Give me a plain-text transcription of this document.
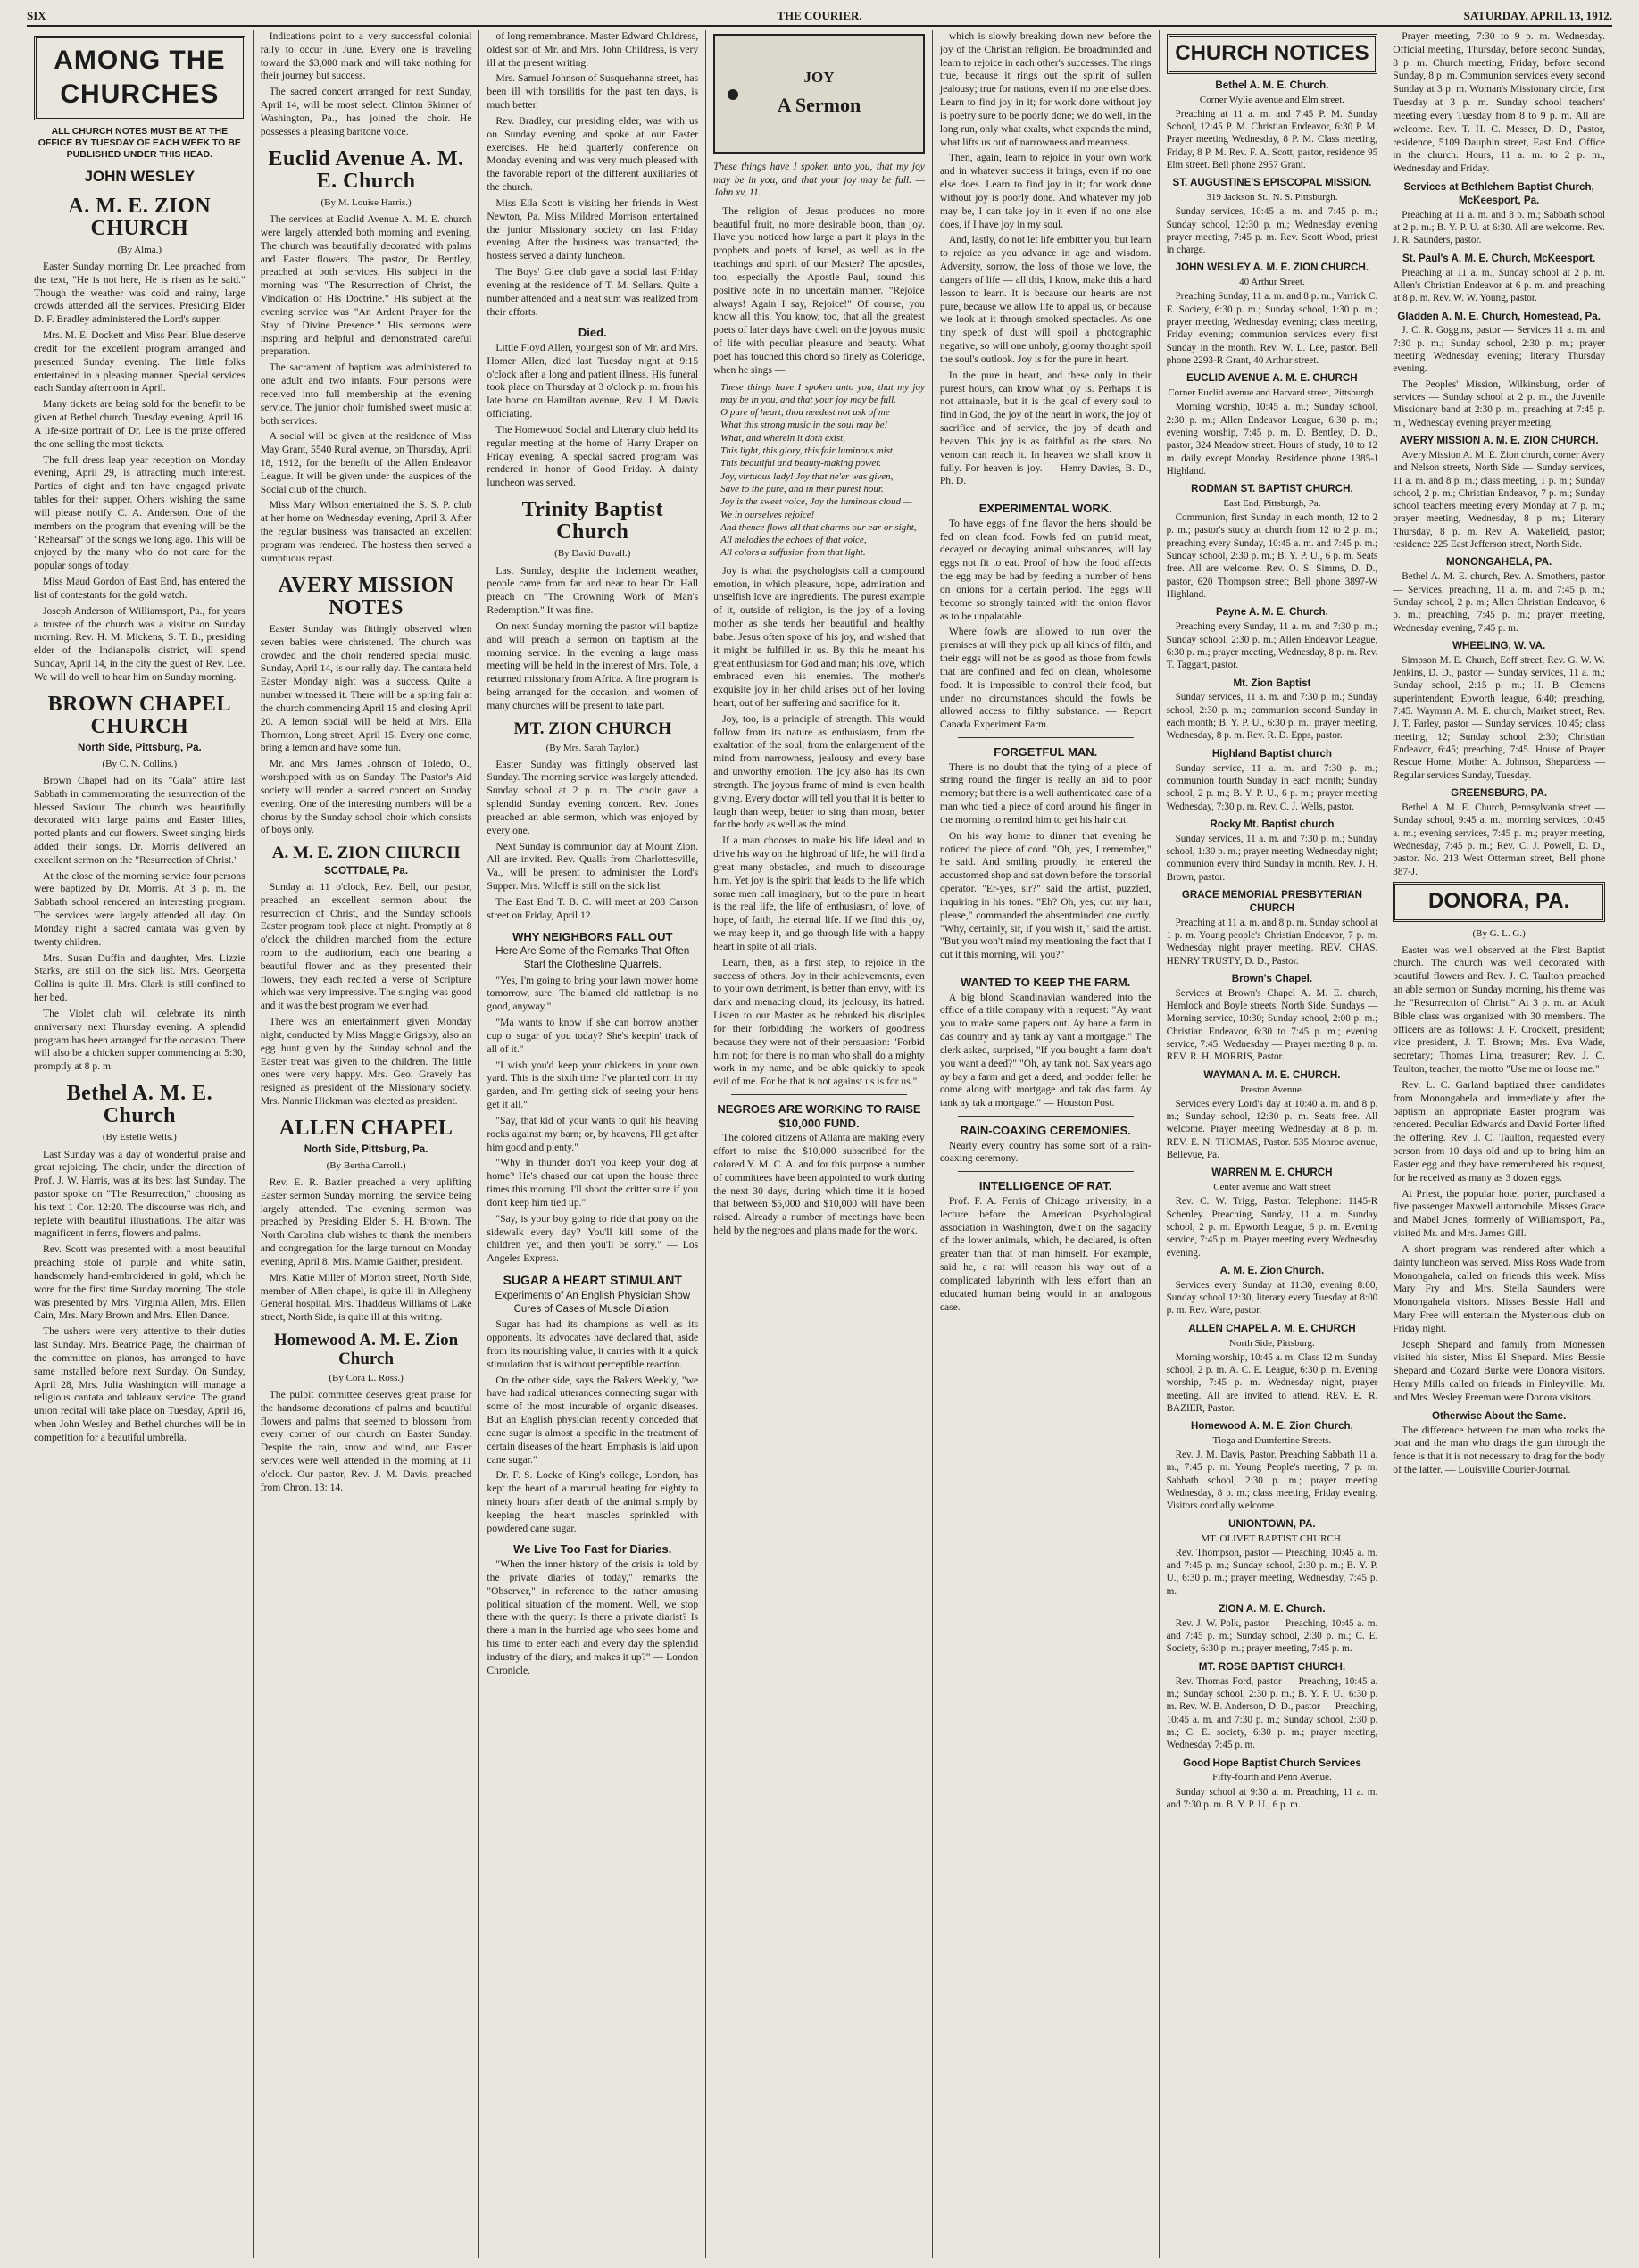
SIX	THE COURIER.	SATURDAY, APRIL 13, 1912.
AMONG THE CHURCHES
ALL CHURCH NOTES MUST BE AT THE OFFICE BY TUESDAY OF EACH WEEK TO BE PUBLISHED UNDER THIS HEAD.
JOHN WESLEY
A. M. E. ZION CHURCH
(By Alma.)

Easter Sunday morning Dr. Lee preached from the text, "He is not here, He is risen as he said." Though the weather was cold and rainy, large crowds attended all the services. Presiding Elder D. F. Bradley administered the Lord's supper.

Mrs. M. E. Dockett and Miss Pearl Blue deserve credit for the excellent program arranged and presented Sunday evening. The little folks entertained in a pleasing manner. Special services each Sunday afternoon in April.

Many tickets are being sold for the benefit to be given at Bethel church, Tuesday evening, April 16. A life-size portrait of Dr. Lee is the prize offered the one selling the most tickets.

The full dress leap year reception on Monday evening, April 29, is attracting much interest. Parties of eight and ten have engaged private tables for their supper. Others wishing the same will please notify C. A. Anderson. One of the members on the program that evening will be the "Rehearsal" of the songs we long ago. This will be enjoyed by the many who do not care for the popular songs of today.

Miss Maud Gordon of East End, has entered the list of contestants for the gold watch.

Joseph Anderson of Williamsport, Pa., for years a trustee of the church was a visitor on Sunday morning. Rev. H. M. Mickens, S. T. B., presiding elder of the Indianapolis district, will spend Sunday, April 14, in the city the guest of Rev. Lee. We will do well to hear him on Sunday morning.

BROWN CHAPEL CHURCH
North Side, Pittsburg, Pa.
(By C. N. Collins.)

Brown Chapel had on its "Gala" attire last Sabbath in commemorating the resurrection of the blessed Saviour. The church was beautifully decorated with large palms and Easter lilies, potted plants and cut flowers. Sweet singing birds added their songs. Dr. Morris delivered an excellent sermon on the "Resurrection of Christ."

At the close of the morning service four persons were baptized by Dr. Morris. At 3 p. m. the Sabbath school rendered an interesting program. The services were largely attended all day. On Monday night a sacred cantata was given by twenty children.

Mrs. Susan Duffin and daughter, Mrs. Lizzie Starks, are still on the sick list. Mrs. Georgetta Collins is quite ill. Mrs. Clark is still confined to her bed.

The Violet club will celebrate its ninth anniversary next Thursday evening. A splendid program has been arranged for the occasion. There will also be a chicken supper commencing at 5:30, promptly at 8 p. m.

Bethel A. M. E. Church
(By Estelle Wells.)

Last Sunday was a day of wonderful praise and great rejoicing. The choir, under the direction of Prof. J. W. Harris, was at its best last Sunday. The pastor spoke on "The Resurrection," choosing as his text 1 Cor. 12:20. The discourse was rich, and replete with beautiful illustrations. The altar was magnificent in ferns, flowers and palms.

Rev. Scott was presented with a most beautiful preaching stole of purple and white satin, handsomely hand-embroidered in gold, which he wore for the first time Sunday morning. The stole was presented by Mrs. Virginia Allen, Mrs. Ellen Cain, Mrs. Mary Brown and Mrs. Ellen Dance.

The ushers were very attentive to their duties last Sunday. Mrs. Beatrice Page, the chairman of the committee on pianos, has arranged to have same installed before next Sunday. On Sunday, April 28, Mrs. Julia Washington will manage a religious cantata and tableaux service. The grand union recital will take place on Tuesday, April 16, when John Wesley and Bethel churches will be in competition for a beautiful umbrella.

Indications point to a very successful colonial rally to occur in June. Every one is traveling toward the $3,000 mark and will take nothing for their journey but success.

The sacred concert arranged for next Sunday, April 14, will be most select. Clinton Skinner of Washington, Pa., has joined the choir. He possesses a pleasing baritone voice.

Euclid Avenue A. M. E. Church
(By M. Louise Harris.)

The services at Euclid Avenue A. M. E. church were largely attended both morning and evening. The church was beautifully decorated with palms and Easter flowers. The pastor, Dr. Bentley, preached at both services. His subject in the morning was "The Resurrection of Christ, the Vindication of His Doctrine." His subject at the evening service was "An Ardent Prayer for the Stay of Divine Presence." His sermons were inspiring and helpful and demonstrated careful preparation.

The sacrament of baptism was administered to one adult and two infants. Four persons were received into full membership at the evening service. The junior choir furnished sweet music at both services.

A social will be given at the residence of Miss May Grant, 5540 Rural avenue, on Thursday, April 18, 1912, for the benefit of the Allen Endeavor League. It will be given under the auspices of the Social club of the church.

Miss Mary Wilson entertained the S. S. P. club at her home on Wednesday evening, April 3. After the regular business was transacted an excellent program was rendered. The hostess then served a sumptuous repast.

AVERY MISSION NOTES

Easter Sunday was fittingly observed when seven babies were christened. The church was crowded and the choir rendered special music. Sunday, April 14, is our rally day. The cantata held Easter Monday night was a success. Quite a number witnessed it. There will be a spring fair at the church commencing April 15 and closing April 20. A lemon social will be held at Mrs. Ella Thornton, Long street, April 15. Every one come, bring a lemon and have some fun.

Mr. and Mrs. James Johnson of Toledo, O., worshipped with us on Sunday. The Pastor's Aid society will render a sacred concert on Sunday evening. One of the interesting numbers will be a chorus by the Sunday school choir which consists of boys only.

A. M. E. ZION CHURCH
SCOTTDALE, Pa.

Sunday at 11 o'clock, Rev. Bell, our pastor, preached an excellent sermon about the resurrection of Christ, and the Sunday schools Easter program took place at night. Promptly at 8 o'clock the children marched from the lecture room to the auditorium, each one bearing a beautiful flower and as they presented their flowers, they each recited a verse of Scripture which was very impressive. The singing was good and it was the best program we ever had.

There was an entertainment given Monday night, conducted by Miss Maggie Grigsby, also an egg hunt given by the Sunday school and the Easter treat was given to the children. The little ones were very happy. Mrs. Geo. Gravely has resigned as president of the Missionary society. Mrs. Nannie Hickman was elected as president.

ALLEN CHAPEL
North Side, Pittsburg, Pa.
(By Bertha Carroll.)

Rev. E. R. Bazier preached a very uplifting Easter sermon Sunday morning, the service being largely attended. The evening sermon was preached by Presiding Elder S. H. Brown. The North Carolina club wishes to thank the members and congregation for the large turnout on Monday evening, April 8. Mrs. Mamie Gaither, president.

Mrs. Katie Miller of Morton street, North Side, member of Allen chapel, is quite ill in Allegheny General hospital. Mrs. Thaddeus Williams of Lake street, North Side, is quite ill at this writing.

Homewood A. M. E. Zion Church
(By Cora L. Ross.)

The pulpit committee deserves great praise for the handsome decorations of palms and beautiful flowers and palms that seemed to blossom from every corner of our church on Easter Sunday. Despite the rain, snow and wind, our Easter services were well attended in the morning at 11 o'clock. Our pastor, Rev. J. M. Davis, preached from Chron. 13: 14.

of long remembrance. Master Edward Childress, oldest son of Mr. and Mrs. John Childress, is very ill at the present writing.

Mrs. Samuel Johnson of Susquehanna street, has been ill with tonsilitis for the past ten days, is much better.

Rev. Bradley, our presiding elder, was with us on Sunday evening and spoke at our Easter exercises. He held quarterly conference on Monday evening and was very much pleased with the favorable report of the different auxiliaries of the church.

Miss Ella Scott is visiting her friends in West Newton, Pa. Miss Mildred Morrison entertained the junior Missionary society on last Friday evening. After the business was transacted, the hostess served a dainty luncheon.

The Boys' Glee club gave a social last Friday evening at the residence of T. M. Sellars. Quite a number attended and a neat sum was realized from their efforts.

Died.

Little Floyd Allen, youngest son of Mr. and Mrs. Homer Allen, died last Tuesday night at 9:15 o'clock after a long and patient illness. His funeral took place on Thursday at 3 o'clock p. m. from his late home on Hamilton avenue, Rev. J. M. Davis officiating.

The Homewood Social and Literary club held its regular meeting at the home of Harry Draper on Friday evening. A special sacred program was rendered in honor of Good Friday. A dainty luncheon was served.

Trinity Baptist Church
(By David Duvall.)

Last Sunday, despite the inclement weather, people came from far and near to hear Dr. Hall preach on "The Crowning Work of Man's Redemption." It was fine.

On next Sunday morning the pastor will baptize and will preach a sermon on baptism at the morning service. In the evening a large mass meeting will be held in the interest of Mrs. Tole, a returned missionary from Africa. A fine program is being arranged for the occasion, and women of many churches will be present to take part.

MT. ZION CHURCH
(By Mrs. Sarah Taylor.)

Easter Sunday was fittingly observed last Sunday. The morning service was largely attended. Sunday school at 2 p. m. The choir gave a splendid Sunday evening concert. Rev. Jones preached an able sermon, which was enjoyed by every one.

Next Sunday is communion day at Mount Zion. All are invited. Rev. Qualls from Charlottesville, Va., will be present to administer the Lord's Supper. Mrs. Wiloff is still on the sick list.

The East End T. B. C. will meet at 208 Carson street on Friday, April 12.

WHY NEIGHBORS FALL OUT
Here Are Some of the Remarks That Often Start the Clothesline Quarrels.

"Yes, I'm going to bring your lawn mower home tomorrow, sure. The blamed old rattletrap is no good, anyway."

"Ma wants to know if she can borrow another cup o' sugar of you today? She's keepin' track of all of it."

"I wish you'd keep your chickens in your own yard. This is the sixth time I've planted corn in my garden, and I'm getting sick of seeing your hens get it all."

"Say, that kid of your wants to quit his heaving rocks against my barn; or, by heavens, I'll get after him good and plenty."

"Why in thunder don't you keep your dog at home? He's chased our cat upon the house three times this morning. I'll shoot the critter sure if you don't keep him tied up."

"Say, is your boy going to ride that pony on the sidewalk every day? You'll kill some of the children yet, and then you'll be sorry." — Los Angeles Express.

SUGAR A HEART STIMULANT
Experiments of An English Physician Show Cures of Cases of Muscle Dilation.

Sugar has had its champions as well as its opponents. Its advocates have declared that, aside from its nourishing value, it carries with it a quick stimulation that is without perceptible reaction.

On the other side, says the Bakers Weekly, "we have had radical utterances connecting sugar with some of the most incurable of organic diseases. But an English physician recently conceded that cane sugar is almost a specific in the treatment of certain diseases of the heart. Emphasis is laid upon cane sugar."

Dr. F. S. Locke of King's college, London, has kept the heart of a mammal beating for eighty to ninety hours after death of the animal simply by keeping the heart muscles sprinkled with powdered cane sugar.

We Live Too Fast for Diaries.

"When the inner history of the crisis is told by the private diaries of today," remarks the "Observer," in reference to the rather amusing political situation of the moment. Well, we stop there with the query: Is there a private diarist? Is there a man in the hurried age who sees home and his time to enter each and every day the splendid industry of the diary, and makes it up?" — London Chronicle.

JOY
A Sermon
These things have I spoken unto you, that my joy may be in you, and that your joy may be full. — John xv, 11.

The religion of Jesus produces no more beautiful fruit, no more desirable boon, than joy. Have you noticed how large a part it plays in the prophets and poets of Israel, as well as in the teachings and spirit of our Master? The apostles, too, especially the Apostle Paul, sound this positive note in no uncertain manner. "Rejoice always! Again I say, Rejoice!" Of course, you know all this. You know, too, that all the greatest poets of later days have dwelt on the joyous music of life with peculiar pleasure and beauty. What poet has touched this chord so finely as Coleridge, when he sings —

These things have I spoken unto you, that my joy may be in you, and that your joy may be full.
O pure of heart, thou needest not ask of me
What this strong music in the soul may be!
What, and wherein it doth exist,
This light, this glory, this fair luminous mist,
This beautiful and beauty-making power.
Joy, virtuous lady! Joy that ne'er was given,
Save to the pure, and in their purest hour.
Joy is the sweet voice, Joy the luminous cloud —
We in ourselves rejoice!
And thence flows all that charms our ear or sight,
All melodies the echoes of that voice,
All colors a suffusion from that light.

Joy is what the psychologists call a compound emotion, in which pleasure, hope, admiration and unselfish love are ingredients. The purest example of it, outside of religion, is the joy of a loving mother as she tends her beautiful and healthy babe. Jesus often spoke of his joy, and wished that it might be fulfilled in us. By this he meant his great enthusiasm for God and man; his love, which embraced even his enemies. The mother's exquisite joy in her child arises out of her loving heart, out of her suffering and sacrifice for it.

Joy, too, is a principle of strength. This would follow from its nature as enthusiasm, from the exaltation of the soul, from the enlargement of the mind from narrowness, jealousy and every base and unworthy emotion. The joy also has its own strength. The joyous frame of mind is even health giving. Every doctor will tell you that it is better to laugh than weep, better to sing than moan, better for the body as well as the mind.

If a man chooses to make his life ideal and to drive his way on the highroad of life, he will find a great many obstacles, and much to discourage him. Yet joy is the spirit that leads to the life which some men call imaginary, but to the pure in heart is the real life, the life of enthusiasm, of love, of hope, of faith, the eternal life. If we find this joy, we may keep it, and go through life with a happy heart in spite of all trials.

Learn, then, as a first step, to rejoice in the success of others. Joy in their achievements, even to your own detriment, is better than envy, with its dark and menacing cloud, its jealousy, its hatred. Listen to our Master as he rebuked his disciples for their forbidding the workers of goodness because they were not of their persuasion: "Forbid him not; for there is no man who shall do a mighty work in my name, and be able quickly to speak evil of me. For he that is not against us is for us."

NEGROES ARE WORKING TO RAISE $10,000 FUND.

The colored citizens of Atlanta are making every effort to raise the $10,000 subscribed for the colored Y. M. C. A. and for this purpose a number of committees have been appointed to work during the next 30 days, during which time it is hoped that between $5,000 and $10,000 will have been raised. Already a number of meetings have been held by the negroes and plans made for the work.

which is slowly breaking down new before the joy of the Christian religion. Be broadminded and learn to rejoice in each other's successes. The rings true, because it rings out the spirit of sullen jealousy; true for nations, even if no one else does. Learn to find joy in it; for work done without joy is poetry sure to be poorly done; we do well, in the long run, only what exalts, what expands the mind, what lifts us out of narrowness and meanness.

Then, again, learn to rejoice in your own work and in whatever success it brings, even if no one else does. Learn to find joy in it; for work done without joy is poorly done. And whatever my job may be, I can take joy in it even if no one else does, if I have joy in my soul.

And, lastly, do not let life embitter you, but learn to rejoice as you advance in age and wisdom. Adversity, sorrow, the loss of those we love, the dangers of life — all this, I know, make this a hard lesson to learn. It is because our hearts are not pure, because we allow life to appal us, or because we look at it through smoked spectacles. As one tiny speck of dust will spoil a photographic negative, so will one unholy, gloomy thought spoil the soul's outlook. Joy is for the pure in heart.

In the pure in heart, and these only in their purest hours, can know what joy is. Perhaps it is not attainable, but it is the goal of every soul to find in God, the joy of the heart in work, the joy of sacrifice and of service, the joy of death and heaven. This joy is as faithful as the stars. No venom can reach it. In heaven we shall know it fully. For heaven is joy. — Henry Davies, B. D., Ph. D.

EXPERIMENTAL WORK.

To have eggs of fine flavor the hens should be fed on clean food. Fowls fed on putrid meat, decayed or decaying animal substances, will lay eggs not fit to eat. Proof of how the food affects the egg may be had by feeding a number of hens on onions for a certain period. The eggs will become so strongly tainted with the onion flavor as to be unpalatable.

Where fowls are allowed to run over the premises at will they pick up all kinds of filth, and their eggs will not be as good as those from fowls that are confined and fed on clean, wholesome food. It is impossible to control their food, but under no circumstances should the fowls be allowed access to filthy substance. — Report Canada Experiment Farm.

FORGETFUL MAN.

There is no doubt that the tying of a piece of string round the finger is really an aid to poor memory; but there is a well authenticated case of a man who tied a piece of cord around his finger in the morning to remind him to get his hair cut.

On his way home to dinner that evening he noticed the piece of cord. "Oh, yes, I remember," he said. And smiling proudly, he entered the accustomed shop and sat down before the tonsorial operator. "Er-yes, sir?" said the artist, puzzled, inquiring in his tones. "Eh? Oh, yes; cut my hair, please," commanded the absentminded one curtly. "Why, certainly, sir, if you wish it," said the artist. "But you won't mind my mentioning the fact that I cut it this morning, will you?"

WANTED TO KEEP THE FARM.

A big blond Scandinavian wandered into the office of a title company with a request: "Ay want you to make some papers out. Ay bane a farm in das country and ay tank ay vant a mortgage." The clerk asked, surprised, "If you bought a farm don't you want a deed?" "Oh, ay tank not. Sax years ago ay bay a farm and get a deed, and podder feller he come along with mortgage and tak das farm. Ay tank ay tak a mortgage." — Houston Post.

RAIN-COAXING CEREMONIES.

Nearly every country has some sort of a rain-coaxing ceremony.

INTELLIGENCE OF RAT.

Prof. F. A. Ferris of Chicago university, in a lecture before the American Psychological association in Washington, dwelt on the sagacity of the lower animals, which, he declared, is often greater than that of man himself. For example, said he, a rat will reason his way out of a complicated labyrinth with less effort than an educated human being would in an analogous case.

CHURCH NOTICES
Bethel A. M. E. Church.
Corner Wylie avenue and Elm street.

Preaching at 11 a. m. and 7:45 P. M. Sunday School, 12:45 P. M. Christian Endeavor, 6:30 P. M. Prayer meeting Wednesday, 8 P. M. Class meeting, Friday, 8 P. M. Rev. F. A. Scott, pastor, residence 95 Elm street. Bell phone 2957 Grant.

ST. AUGUSTINE'S EPISCOPAL MISSION.
319 Jackson St., N. S. Pittsburgh.

Sunday services, 10:45 a. m. and 7:45 p. m.; Sunday school, 12:30 p. m.; Wednesday evening prayer meeting, 7:45 p. m. Rev. Scott Wood, priest in charge.

JOHN WESLEY A. M. E. ZION CHURCH.
40 Arthur Street.

Preaching Sunday, 11 a. m. and 8 p. m.; Varrick C. E. Society, 6:30 p. m.; Sunday school, 1:30 p. m.; prayer meeting, Wednesday evening; class meeting, Friday evening; communion services every first Sunday in the month. Rev. W. L. Lee, pastor. Bell phone 2293-R Grant, 40 Arthur street.

EUCLID AVENUE A. M. E. CHURCH
Corner Euclid avenue and Harvard street, Pittsburgh.

Morning worship, 10:45 a. m.; Sunday school, 2:30 p. m.; Allen Endeavor League, 6:30 p. m.; evening worship, 7:45 p. m. D. Bentley, D. D., pastor, 324 Meadow street. Hours of study, 10 to 12 m. daily except Monday. Residence phone 1385-J Highland.

RODMAN ST. BAPTIST CHURCH.
East End, Pittsburgh, Pa.

Communion, first Sunday in each month, 12 to 2 p. m.; pastor's study at church from 12 to 2 p. m.; preaching every Sunday, 10:45 a. m. and 7:45 p. m.; Sunday school, 2:30 p. m.; B. Y. P. U., 6 p. m. Seats free. All are welcome. Rev. O. S. Simms, D. D., pastor, 620 Thompson street; Bell phone 3897-W Highland.

Payne A. M. E. Church.

Preaching every Sunday, 11 a. m. and 7:30 p. m.; Sunday school, 2:30 p. m.; Allen Endeavor League, 6:30 p. m.; prayer meeting, Wednesday, 8 p. m. Rev. T. Taggart, pastor.

Mt. Zion Baptist

Sunday services, 11 a. m. and 7:30 p. m.; Sunday school, 2:30 p. m.; communion second Sunday in each month; B. Y. P. U., 6:30 p. m.; prayer meeting, Wednesday, 8 p. m. Rev. R. D. Epps, pastor.

Highland Baptist church

Sunday service, 11 a. m. and 7:30 p. m.; communion fourth Sunday in each month; Sunday school, 2 p. m.; B. Y. P. U., 6 p. m.; prayer meeting Wednesday, 7:30 p. m. Rev. C. J. Wells, pastor.

Rocky Mt. Baptist church

Sunday services, 11 a. m. and 7:30 p. m.; Sunday school, 1:30 p. m.; prayer meeting Wednesday night; communion every third Sunday in month. Rev. J. H. Brown, pastor.

GRACE MEMORIAL PRESBYTERIAN CHURCH

Preaching at 11 a. m. and 8 p. m. Sunday school at 1 p. m. Young people's Christian Endeavor, 7 p. m. Wednesday night prayer meeting. REV. CHAS. HENRY TRUSTY, D. D., Pastor.

Brown's Chapel.

Services at Brown's Chapel A. M. E. church, Hemlock and Boyle streets, North Side. Sundays — Morning service, 10:30; Sunday school, 2:00 p. m.; Christian Endeavor, 6:30 to 7:45 p. m.; evening service, 7:45. Wednesday — Prayer meeting 8 p. m. REV. R. H. MORRIS, Pastor.

WAYMAN A. M. E. CHURCH.
Preston Avenue.

Services every Lord's day at 10:40 a. m. and 8 p. m.; Sunday school, 12:30 p. m. Seats free. All welcome. Prayer meeting Wednesday at 8 p. m. REV. E. N. THOMAS, Pastor. 535 Monroe avenue, Bellevue, Pa.

WARREN M. E. CHURCH
Center avenue and Watt street

Rev. C. W. Trigg, Pastor. Telephone: 1145-R Schenley. Preaching, Sunday, 11 a. m. Sunday school, 2 p. m. Epworth League, 6 p. m. Evening service, 7:45 p. m. Prayer meeting every Wednesday evening.

A. M. E. Zion Church.

Services every Sunday at 11:30, evening 8:00, Sunday school 12:30, literary every Tuesday at 8:00 p. m. Rev. Ware, pastor.

ALLEN CHAPEL A. M. E. CHURCH
North Side, Pittsburg.

Morning worship, 10:45 a. m. Class 12 m. Sunday school, 2 p. m. A. C. E. League, 6:30 p. m. Evening worship, 7:45 p. m. Wednesday night, prayer meeting. All are invited to attend. REV. E. R. BAZIER, Pastor.

Homewood A. M. E. Zion Church,
Tioga and Dumfertine Streets.

Rev. J. M. Davis, Pastor. Preaching Sabbath 11 a. m., 7:45 p. m. Young People's meeting, 7 p. m. Sabbath school, 2:30 p. m.; prayer meeting Wednesday, 8 p. m.; class meeting, Friday evening. Visitors cordially welcome.

UNIONTOWN, PA.
MT. OLIVET BAPTIST CHURCH.

Rev. Thompson, pastor — Preaching, 10:45 a. m. and 7:45 p. m.; Sunday school, 2:30 p. m.; B. Y. P. U., 6:30 p. m.; prayer meeting, Wednesday, 7:45 p. m.

ZION A. M. E. Church.

Rev. J. W. Polk, pastor — Preaching, 10:45 a. m. and 7:45 p. m.; Sunday school, 2:30 p. m.; C. E. Society, 6:30 p. m.; prayer meeting, 7:45 p. m.

MT. ROSE BAPTIST CHURCH.

Rev. Thomas Ford, pastor — Preaching, 10:45 a. m.; Sunday school, 2:30 p. m.; B. Y. P. U., 6:30 p. m. Rev. W. B. Anderson, D. D., pastor — Preaching, 10:45 a. m. and 7:30 p. m.; Sunday school, 2:30 p. m.; C. E. society, 6:30 p. m.; prayer meeting, Wednesday 7:45 p. m.

Good Hope Baptist Church Services
Fifty-fourth and Penn Avenue.

Sunday school at 9:30 a. m. Preaching, 11 a. m. and 7:30 p. m. B. Y. P. U., 6 p. m.

Prayer meeting, 7:30 to 9 p. m. Wednesday. Official meeting, Thursday, before second Sunday, 8 p. m. Church meeting, Friday, before second Sunday, 8 p. m. Communion services every second Sunday at 3 p. m. Woman's Missionary circle, first Tuesday at 3 p. m. Sunday school teachers' meeting every Tuesday from 8 to 9 p. m. All are welcome. Rev. T. H. C. Messer, D. D., Pastor, residence, 5109 Dauphin street, East End. Office in the church. Hours, 11 a. m. to 2 p. m., Wednesday and Friday.

Services at Bethlehem Baptist Church, McKeesport, Pa.

Preaching at 11 a. m. and 8 p. m.; Sabbath school at 2 p. m.; B. Y. P. U. at 6:30. All are welcome. Rev. J. R. Saunders, pastor.

St. Paul's A. M. E. Church, McKeesport.

Preaching at 11 a. m., Sunday school at 2 p. m. Allen's Christian Endeavor at 6 p. m. and preaching at 8 p. m. Rev. W. W. Young, pastor.

Gladden A. M. E. Church, Homestead, Pa.

J. C. R. Goggins, pastor — Services 11 a. m. and 7:30 p. m.; Sunday school, 2:30 p. m.; prayer meeting Wednesday evening; literary Thursday evening.

The Peoples' Mission, Wilkinsburg, order of services — Sunday school at 2 p. m., the Juvenile Missionary band at 2:30 p. m., preaching at 7:45 p. m., Wednesday evening prayer meeting.

AVERY MISSION A. M. E. ZION CHURCH.

Avery Mission A. M. E. Zion church, corner Avery and Nelson streets, North Side — Sunday services, 11 a. m. and 8 p. m.; class meeting, 1 p. m.; Sunday school, 2 p. m.; Christian Endeavor, 7 p. m.; Sunday school teachers meeting every Monday at 7 p. m.; prayer meeting, Wednesday, 8 p. m.; Literary Thursday, 8 p. m. Rev. A. Wakefield, pastor; residence 225 East Jefferson street, North Side.

MONONGAHELA, PA.

Bethel A. M. E. church, Rev. A. Smothers, pastor — Services, preaching, 11 a. m. and 7:45 p. m.; Sunday school, 2 p. m.; Allen Christian Endeavor, 6 p. m.; preaching, 7:45 p. m.; prayer meeting, Wednesday evening, 7:45 p. m.

WHEELING, W. VA.

Simpson M. E. Church, Eoff street, Rev. G. W. W. Jenkins, D. D., pastor — Sunday services, 11 a. m.; Sunday school, 2:15 p. m.; H. B. Clemens superintendent; Epworth league, 6:40; preaching, 7:45. Wayman A. M. E. church, Market street, Rev. J. T. Farley, pastor — Sunday services, 10:45; class meeting, 12; Sunday school, 2:30; Christian Endeavor, 6:45; preaching, 7:45. House of Prayer Rescue Home, Mother A. Johnson, Shepardess — Regular services Sunday, Tuesday.

GREENSBURG, PA.

Bethel A. M. E. Church, Pennsylvania street — Sunday school, 9:45 a. m.; morning services, 10:45 a. m.; evening services, 7:45 p. m.; prayer meeting, Wednesday, 7:45 p. m.; Rev. C. J. Powell, D. D., pastor. No. 213 West Otterman street, Bell phone 387-J.

DONORA, PA.
(By G. L. G.)

Easter was well observed at the First Baptist church. The church was well decorated with beautiful flowers and Rev. J. C. Taulton preached an able sermon on Sunday morning, his theme was the "Resurrection of Christ." At 3 p. m. an Adult Bible class was organized with 30 members. The officers are as follows: J. F. Crockett, president; vice president, J. T. Brown; Mrs. Eva Wade, secretary; Thomas Lima, treasurer; Rev. J. C. Taulton, teacher, the motto "Use me or loose me."

Rev. L. C. Garland baptized three candidates from Monongahela and immediately after the baptism an appropriate Easter program was rendered. Peculiar Edwards and David Porter lifted the offering. Rev. J. C. Taulton, requested every person from 10 days old and up to bring him an Easter egg and they have remembered his request, for he received as many as 3 dozen eggs.

At Priest, the popular hotel porter, purchased a five passenger Maxwell automobile. Misses Grace and Mabel Jones, formerly of Williamsport, Pa., visited Mr. and Mrs. James Gill.

A short program was rendered after which a dainty luncheon was served. Miss Ross Wade from Monongahela, called on friends this week. Miss Mary Fry and Mrs. Stella Saunders were Monongahela visitors. Misses Bessie Hall and Mary Free will entertain the Mysterious club on Friday night.

Joseph Shepard and family from Monessen visited his sister, Miss El Shepard. Miss Bessie Shepard and Cozard Burke were Donora visitors. Henry Mills called on friends in Finleyville. Mr. and Mrs. Wesley Freeman were Donora visitors.

Otherwise About the Same.

The difference between the man who rocks the boat and the man who drags the gun through the fence is that it is not necessary to drag for the body of the latter. — Louisville Courier-Journal.
